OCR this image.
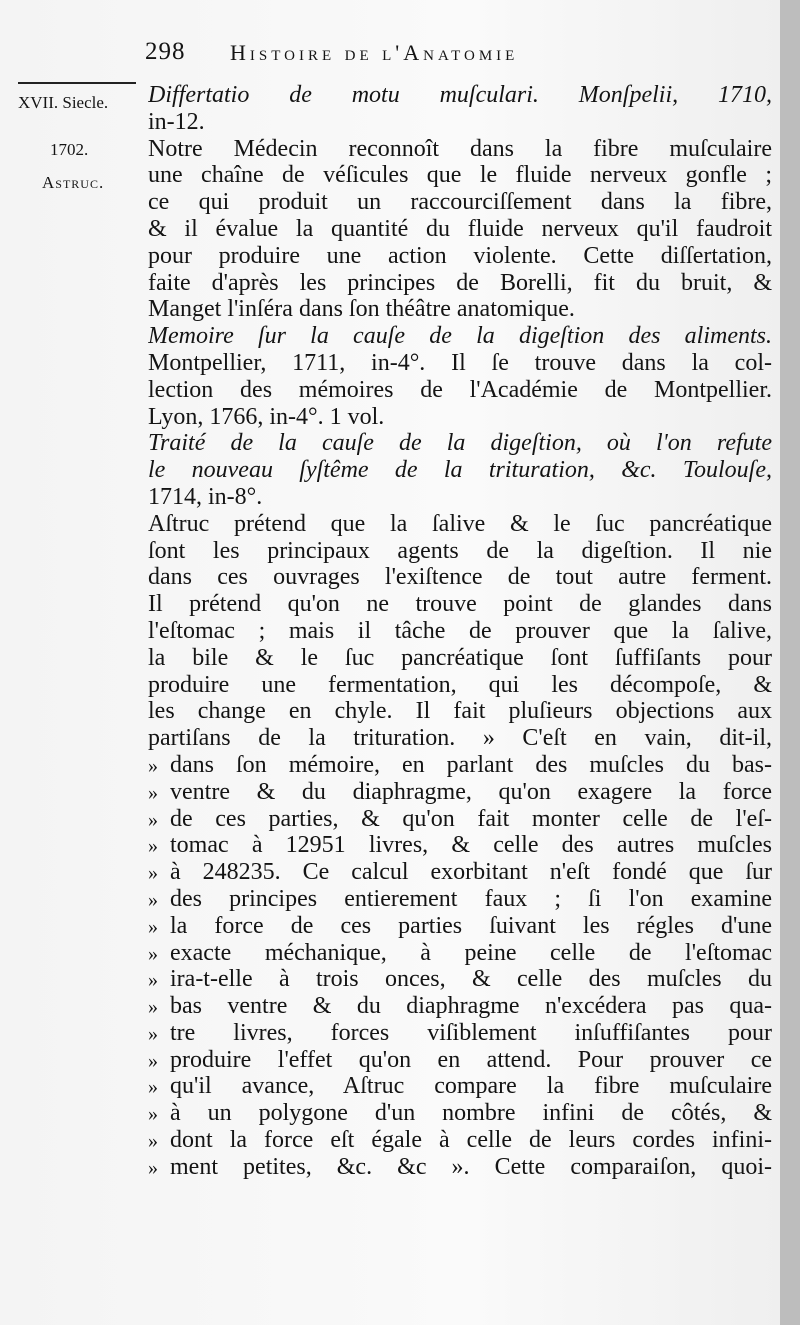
298 Histoire de l'Anatomie
XVII. Siecle.
1702.
Astruc.
Differtatio de motu muſculari. Monſpelii, 1710,
in-12.
Notre Médecin reconnoît dans la fibre muſculaire
une chaîne de véſicules que le fluide nerveux gonfle ;
ce qui produit un raccourciſſement dans la fibre,
& il évalue la quantité du fluide nerveux qu'il faudroit
pour produire une action violente. Cette diſſertation,
faite d'après les principes de Borelli, fit du bruit, &
Manget l'inſéra dans ſon théâtre anatomique.
Memoire ſur la cauſe de la digeſtion des aliments.
Montpellier, 1711, in-4°. Il ſe trouve dans la col-
lection des mémoires de l'Académie de Montpellier.
Lyon, 1766, in-4°. 1 vol.
Traité de la cauſe de la digeſtion, où l'on refute
le nouveau ſyſtême de la trituration, &c. Toulouſe,
1714, in-8°.
Aſtruc prétend que la ſalive & le ſuc pancréatique
ſont les principaux agents de la digeſtion. Il nie
dans ces ouvrages l'exiſtence de tout autre ferment.
Il prétend qu'on ne trouve point de glandes dans
l'eſtomac ; mais il tâche de prouver que la ſalive,
la bile & le ſuc pancréatique ſont ſuffiſants pour
produire une fermentation, qui les décompoſe, &
les change en chyle. Il fait pluſieurs objections aux
partiſans de la trituration. » C'eſt en vain, dit-il,
» dans ſon mémoire, en parlant des muſcles du bas-
» ventre & du diaphragme, qu'on exagere la force
» de ces parties, & qu'on fait monter celle de l'eſ-
» tomac à 12951 livres, & celle des autres muſcles
» à 248235. Ce calcul exorbitant n'eſt fondé que ſur
» des principes entierement faux ; ſi l'on examine
» la force de ces parties ſuivant les régles d'une
» exacte méchanique, à peine celle de l'eſtomac
» ira-t-elle à trois onces, & celle des muſcles du
» bas ventre & du diaphragme n'excédera pas qua-
» tre livres, forces viſiblement inſuffiſantes pour
» produire l'effet qu'on en attend. Pour prouver ce
» qu'il avance, Aſtruc compare la fibre muſculaire
» à un polygone d'un nombre infini de côtés, &
» dont la force eſt égale à celle de leurs cordes infini-
» ment petites, &c. &c ». Cette comparaiſon, quoi-
